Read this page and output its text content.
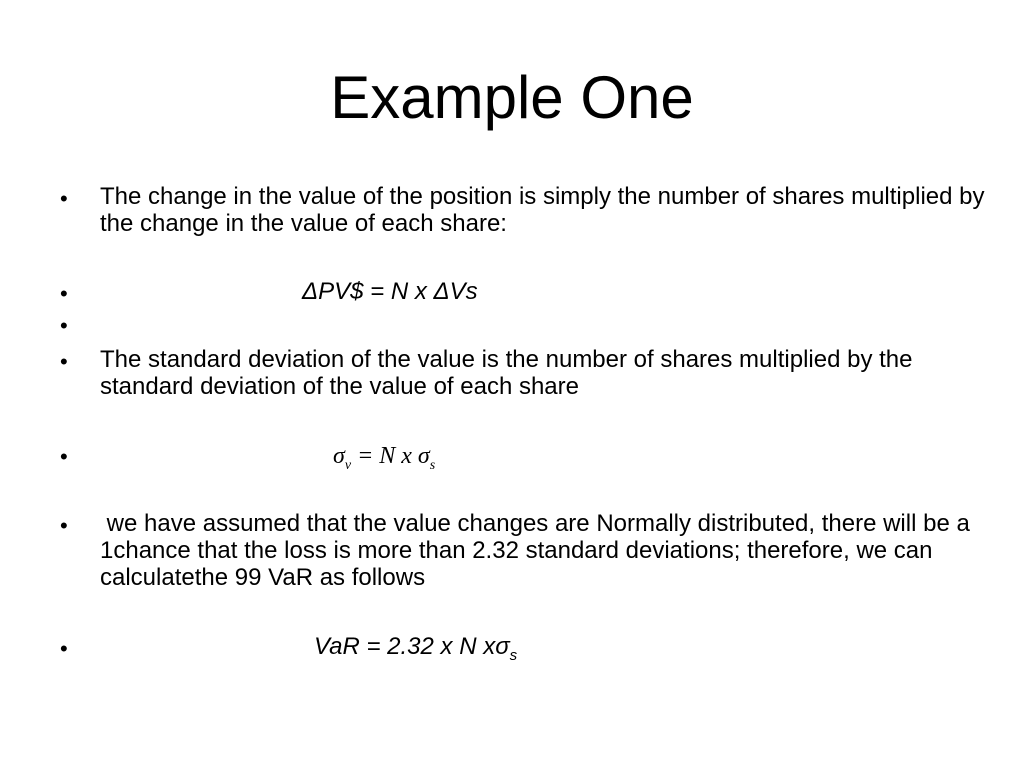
Example One
•	The change in the value of the position is simply the number of shares multiplied by the change in the value of each share:
•	ΔPV$ = N x ΔVs
•
•	The standard deviation of the value is the number of shares multiplied by the standard deviation of the value of each share
•	$\sigma_v = N$ x $\sigma_s$
•	we have assumed that the value changes are Normally distributed, there will be a 1chance that the loss is more than 2.32 standard deviations; therefore, we can calculatethe 99 VaR as follows
•	VaR = 2.32 x N $x\sigma_s$
